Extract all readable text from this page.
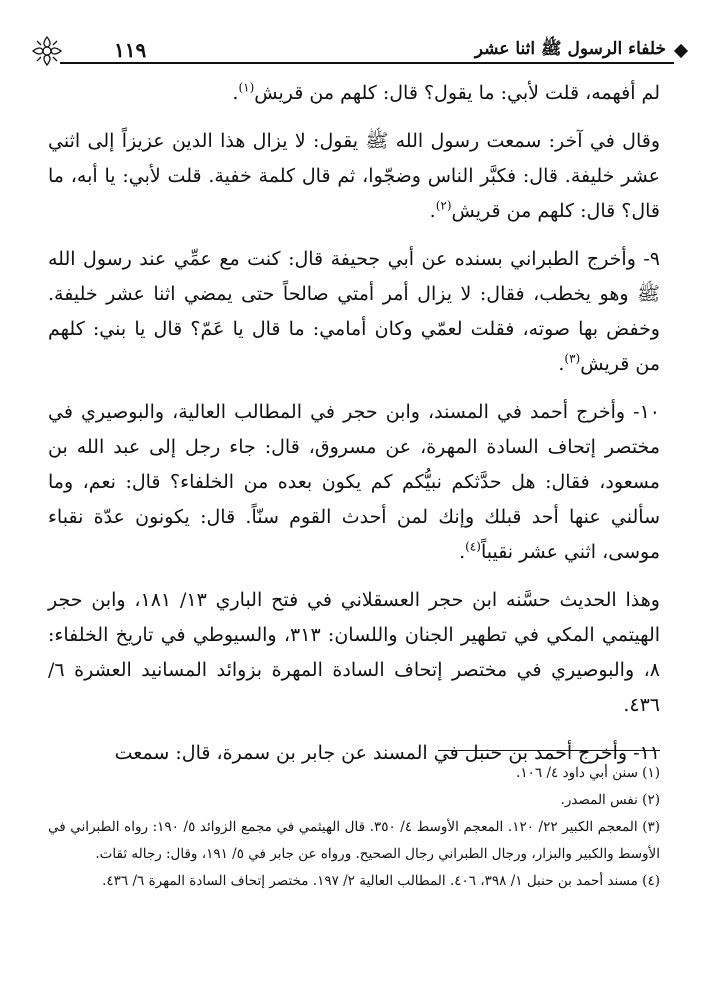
١١٩	خلفاء الرسول ﷺ اثنا عشر

لم أفهمه، قلت لأبي: ما يقول؟ قال: كلهم من قريش$^{(١)}$.

وقال في آخر: سمعت رسول الله ﷺ يقول: لا يزال هذا الدين عزيزاً إلى اثني عشر خليفة. قال: فكبَّر الناس وضجّوا، ثم قال كلمة خفية. قلت لأبي: يا أبه، ما قال؟ قال: كلهم من قريش$^{(٢)}$.

٩- وأخرج الطبراني بسنده عن أبي جحيفة قال: كنت مع عمِّي عند رسول الله ﷺ وهو يخطب، فقال: لا يزال أمر أمتي صالحاً حتى يمضي اثنا عشر خليفة. وخفض بها صوته، فقلت لعمّي وكان أمامي: ما قال يا عَمّ؟ قال يا بني: كلهم من قريش$^{(٣)}$.

١٠- وأخرج أحمد في المسند، وابن حجر في المطالب العالية، والبوصيري في مختصر إتحاف السادة المهرة، عن مسروق، قال: جاء رجل إلى عبد الله بن مسعود، فقال: هل حدَّثكم نبيُّكم كم يكون بعده من الخلفاء؟ قال: نعم، وما سألني عنها أحد قبلك وإنك لمن أحدث القوم سنّاً. قال: يكونون عدّة نقباء موسى، اثني عشر نقيباً$^{(٤)}$.

وهذا الحديث حسَّنه ابن حجر العسقلاني في فتح الباري ١٣/ ١٨١، وابن حجر الهيتمي المكي في تطهير الجنان واللسان: ٣١٣، والسيوطي في تاريخ الخلفاء: ٨، والبوصيري في مختصر إتحاف السادة المهرة بزوائد المسانيد العشرة ٦/ ٤٣٦.

١١- وأخرج أحمد بن حنبل في المسند عن جابر بن سمرة، قال: سمعت

(١) سنن أبي داود ٤/ ١٠٦.

(٢) نفس المصدر.

(٣) المعجم الكبير ٢٢/ ١٢٠. المعجم الأوسط ٤/ ٣٥٠. قال الهيثمي في مجمع الزوائد ٥/ ١٩٠: رواه الطبراني في الأوسط والكبير والبزار، ورجال الطبراني رجال الصحيح. ورواه عن جابر في ٥/ ١٩١، وقال: رجاله ثقات.

(٤) مسند أحمد بن حنبل ١/ ٣٩٨، ٤٠٦. المطالب العالية ٢/ ١٩٧. مختصر إتحاف السادة المهرة ٦/ ٤٣٦.
